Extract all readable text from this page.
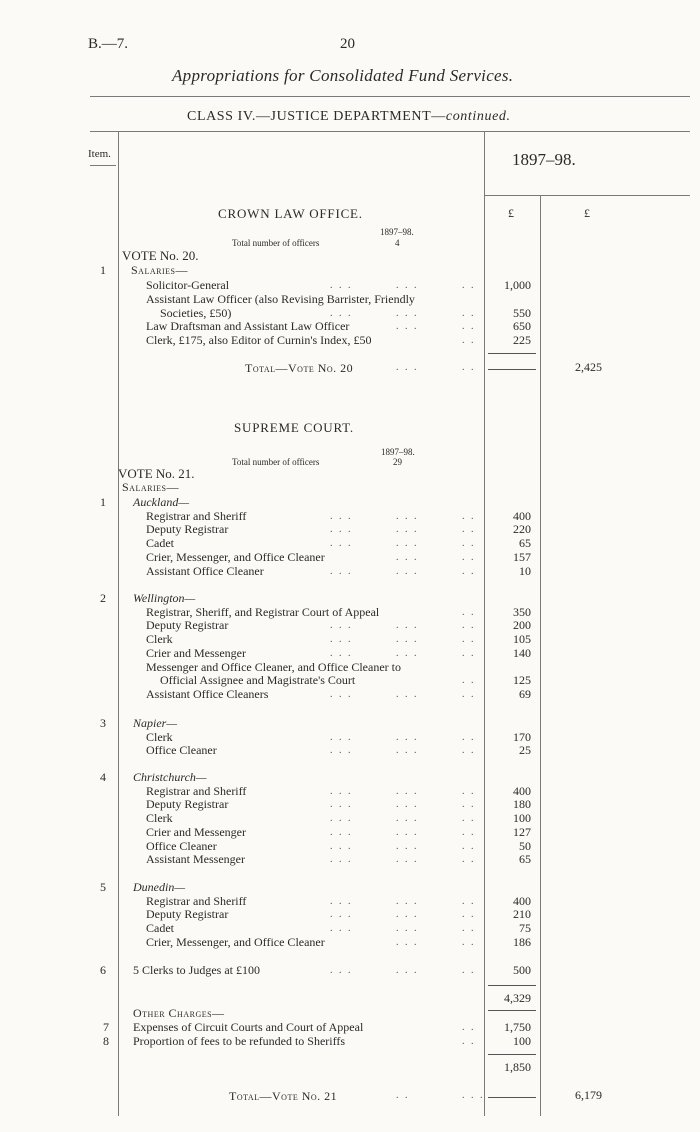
B.—7.	20
Appropriations for Consolidated Fund Services.
CLASS IV.—JUSTICE DEPARTMENT—continued.
Item.	1897–98.
£	£
CROWN LAW OFFICE.
1897–98.
Total number of officers	4
VOTE No. 20.
1 Salaries—
Solicitor-General	. . .	. . .	. .	1,000
Assistant Law Officer (also Revising Barrister, Friendly
Societies, £50)	. . .	. . .	. .	550
Law Draftsman and Assistant Law Officer	. . .	. .	650
Clerk, £175, also Editor of Curnin's Index, £50	. .	225
Total—Vote No. 20	. . .	. .	2,425
SUPREME COURT.
1897–98.
Total number of officers	29
VOTE No. 21.
Salaries—
1 Auckland—
Registrar and Sheriff	. . .	. . .	. .	400
Deputy Registrar	. . .	. . .	. .	220
Cadet	. . .	. . .	. .	65
Crier, Messenger, and Office Cleaner	. . .	. .	157
Assistant Office Cleaner	. . .	. . .	. .	10
2 Wellington—
Registrar, Sheriff, and Registrar Court of Appeal	. .	350
Deputy Registrar	. . .	. . .	. .	200
Clerk	. . .	. . .	. .	105
Crier and Messenger	. . .	. . .	. .	140
Messenger and Office Cleaner, and Office Cleaner to
Official Assignee and Magistrate's Court	. .	125
Assistant Office Cleaners	. . .	. . .	. .	69
3 Napier—
Clerk	. . .	. . .	. .	170
Office Cleaner	. . .	. . .	. .	25
4 Christchurch—
Registrar and Sheriff	. . .	. . .	. .	400
Deputy Registrar	. . .	. . .	. .	180
Clerk	. . .	. . .	. .	100
Crier and Messenger	. . .	. . .	. .	127
Office Cleaner	. . .	. . .	. .	50
Assistant Messenger	. . .	. . .	. .	65
5 Dunedin—
Registrar and Sheriff	. . .	. . .	. .	400
Deputy Registrar	. . .	. . .	. .	210
Cadet	. . .	. . .	. .	75
Crier, Messenger, and Office Cleaner	. . .	. .	186
6 5 Clerks to Judges at £100	. . .	. . .	. .	500
4,329
Other Charges—
7 Expenses of Circuit Courts and Court of Appeal	. .	1,750
8 Proportion of fees to be refunded to Sheriffs	. .	100
1,850
Total—Vote No. 21	. .	. . .	6,179
